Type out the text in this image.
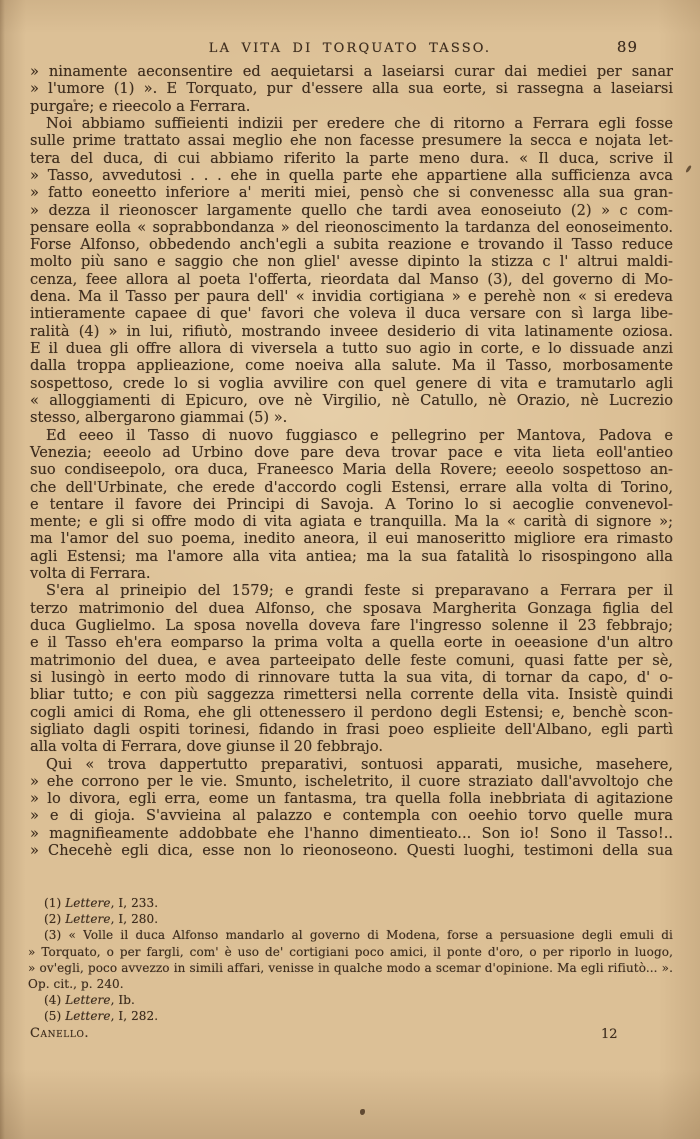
LA VITA DI TORQUATO TASSO.	89
» ninamente aeconsentire ed aequietarsi a laseiarsi curar dai mediei per sanar
» l'umore (1) ». E Torquato, pur d'essere alla sua eorte, si rassegna a laseiarsi
purgare; e rieecolo a Ferrara.
Noi abbiamo suffieienti indizii per eredere che di ritorno a Ferrara egli fosse
sulle prime trattato assai meglio ehe non facesse presumere la secca e nojata let-
tera del duca, di cui abbiamo riferito la parte meno dura. « Il duca, scrive il
» Tasso, avvedutosi . . . ehe in quella parte ehe appartiene alla sufficienza avca
» fatto eoneetto inferiore a' meriti miei, pensò che si convenessc alla sua gran-
» dezza il rieonoscer largamente quello che tardi avea eonoseiuto (2) » c com-
pensare eolla « soprabbondanza » del rieonoscimento la tardanza del eonoseimento.
Forse Alfonso, obbedendo anch'egli a subita reazione e trovando il Tasso reduce
molto più sano e saggio che non gliel' avesse dipinto la stizza c l' altrui maldi-
cenza, feee allora al poeta l'offerta, rieordata dal Manso (3), del governo di Mo-
dena. Ma il Tasso per paura dell' « invidia cortigiana » e perehè non « si eredeva
intieramente capaee di que' favori che voleva il duca versare con sì larga libe-
ralità (4) » in lui, rifiutò, mostrando inveee desiderio di vita latinamente oziosa.
E il duea gli offre allora di viversela a tutto suo agio in corte, e lo dissuade anzi
dalla troppa applieazione, come noeiva alla salute. Ma il Tasso, morbosamente
sospettoso, crede lo si voglia avvilire con quel genere di vita e tramutarlo agli
« alloggiamenti di Epicuro, ove nè Virgilio, nè Catullo, nè Orazio, nè Lucrezio
stesso, albergarono giammai (5) ».
Ed eeeo il Tasso di nuovo fuggiasco e pellegrino per Mantova, Padova e
Venezia; eeeolo ad Urbino dove pare deva trovar pace e vita lieta eoll'antieo
suo condiseepolo, ora duca, Franeesco Maria della Rovere; eeeolo sospettoso an-
che dell'Urbinate, che erede d'accordo cogli Estensi, errare alla volta di Torino,
e tentare il favore dei Principi di Savoja. A Torino lo si aecoglie convenevol-
mente; e gli si offre modo di vita agiata e tranquilla. Ma la « carità di signore »;
ma l'amor del suo poema, inedito aneora, il eui manoseritto migliore era rimasto
agli Estensi; ma l'amore alla vita antiea; ma la sua fatalità lo risospingono alla
volta di Ferrara.
S'era al prineipio del 1579; e grandi feste si preparavano a Ferrara per il
terzo matrimonio del duea Alfonso, che sposava Margherita Gonzaga figlia del
duca Guglielmo. La sposa novella doveva fare l'ingresso solenne il 23 febbrajo;
e il Tasso eh'era eomparso la prima volta a quella eorte in oeeasione d'un altro
matrimonio del duea, e avea parteeipato delle feste comuni, quasi fatte per sè,
si lusingò in eerto modo di rinnovare tutta la sua vita, di tornar da capo, d' o-
bliar tutto; e con più saggezza rimettersi nella corrente della vita. Insistè quindi
cogli amici di Roma, ehe gli ottenessero il perdono degli Estensi; e, benchè scon-
sigliato dagli ospiti torinesi, fidando in frasi poeo esplieite dell'Albano, egli partì
alla volta di Ferrara, dove giunse il 20 febbrajo.
Qui « trova dappertutto preparativi, sontuosi apparati, musiche, masehere,
» ehe corrono per le vie. Smunto, ischeletrito, il cuore straziato dall'avvoltojo che
» lo divora, egli erra, eome un fantasma, tra quella folla inebbriata di agitazione
» e di gioja. S'avvieina al palazzo e contempla con oeehio torvo quelle mura
» magnifieamente addobbate ehe l'hanno dimentieato... Son io! Sono il Tasso!..
» Checehè egli dica, esse non lo rieonoseono. Questi luoghi, testimoni della sua
(1) Lettere, I, 233.
(2) Lettere, I, 280.
(3) « Volle il duca Alfonso mandarlo al governo di Modena, forse a persuasione degli emuli di
» Torquato, o per fargli, com' è uso de' cortigiani poco amici, il ponte d'oro, o per riporlo in luogo,
» ov'egli, poco avvezzo in simili affari, venisse in qualche modo a scemar d'opinione. Ma egli rifiutò... ».
Op. cit., p. 240.
(4) Lettere, Ib.
(5) Lettere, I, 282.
Canello.	12
